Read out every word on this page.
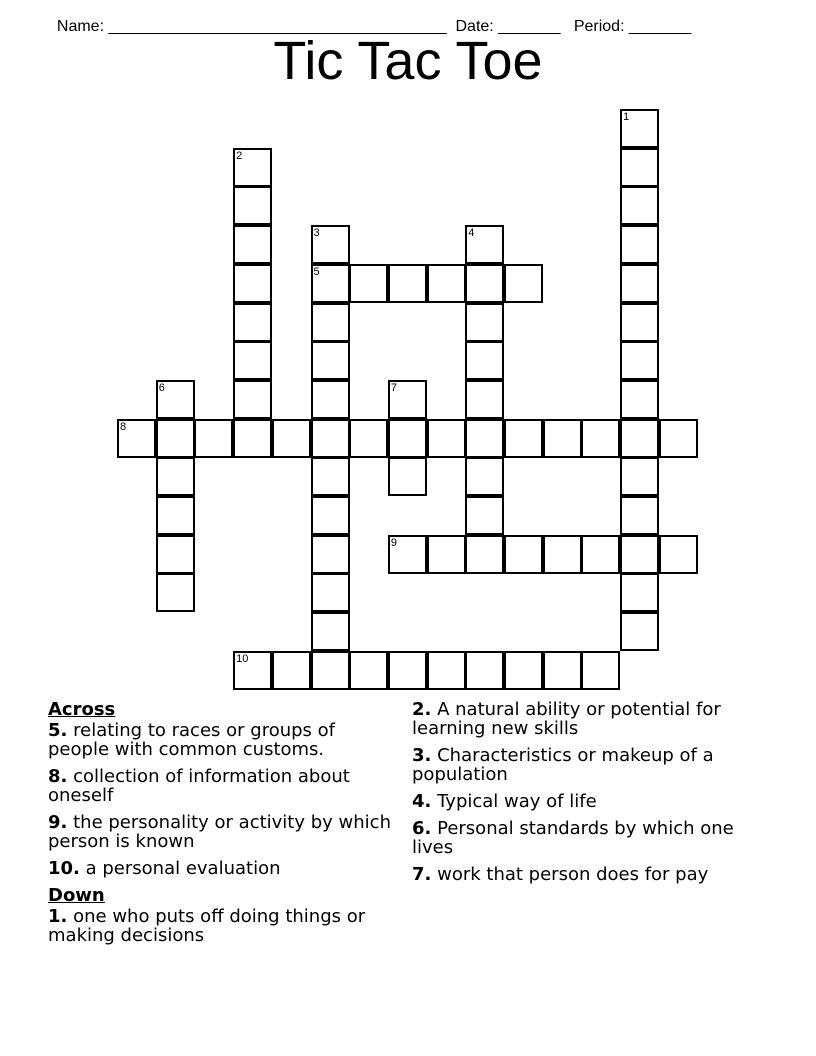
Name: ______________________________________ Date: _______ Period: _______

Tic Tac Toe
1
2
3
5
4
6	7
8
9
10
Across
5. relating to races or groups of people with common customs.
8. collection of information about oneself
9. the personality or activity by which person is known
10. a personal evaluation
Down
1. one who puts off doing things or making decisions
2. A natural ability or potential for learning new skills
3. Characteristics or makeup of a population
4. Typical way of life
6. Personal standards by which one lives
7. work that person does for pay
